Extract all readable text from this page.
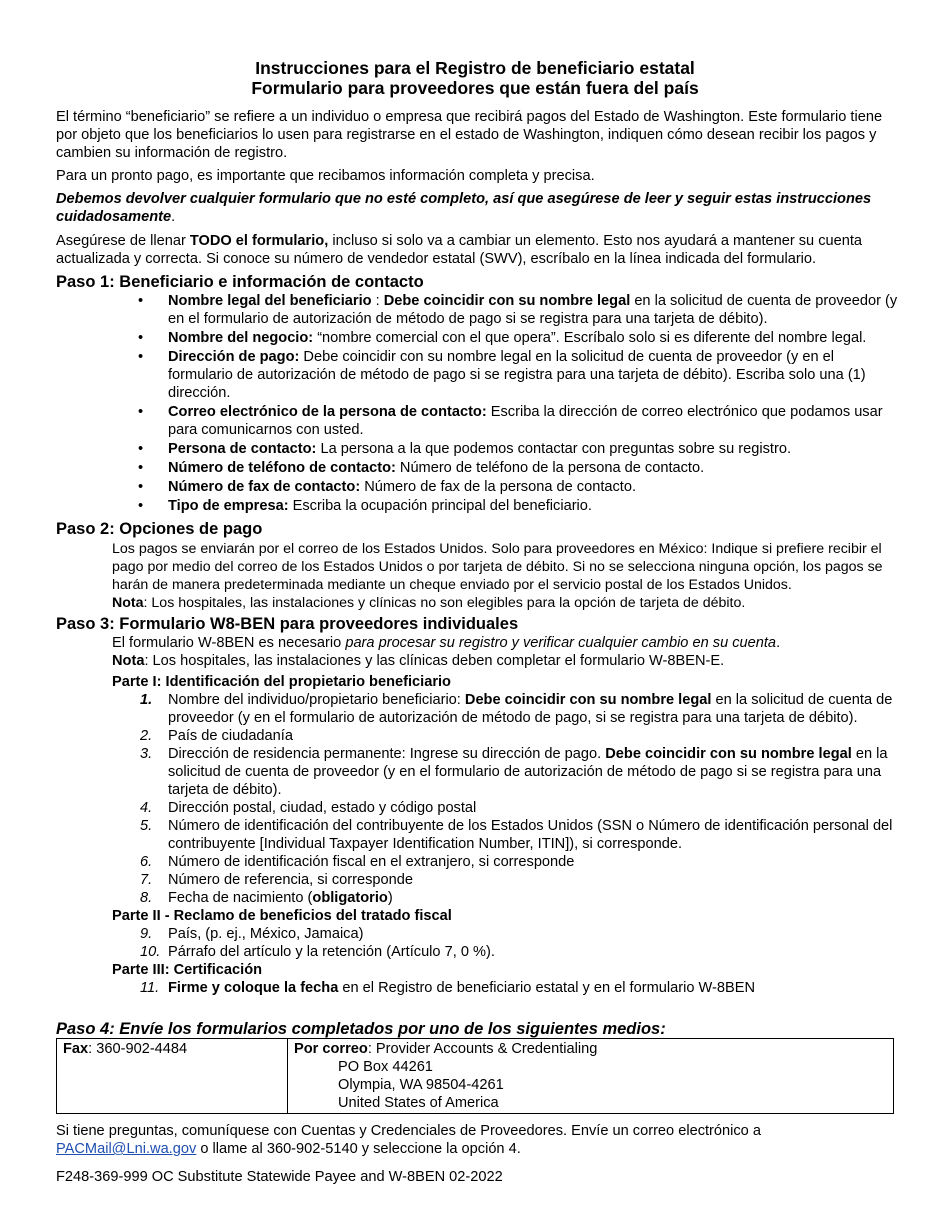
Instrucciones para el Registro de beneficiario estatal
Formulario para proveedores que están fuera del país
El término “beneficiario” se refiere a un individuo o empresa que recibirá pagos del Estado de Washington. Este formulario tiene por objeto que los beneficiarios lo usen para registrarse en el estado de Washington, indiquen cómo desean recibir los pagos y cambien su información de registro.
Para un pronto pago, es importante que recibamos información completa y precisa.
Debemos devolver cualquier formulario que no esté completo, así que asegúrese de leer y seguir estas instrucciones cuidadosamente.
Asegúrese de llenar TODO el formulario, incluso si solo va a cambiar un elemento. Esto nos ayudará a mantener su cuenta actualizada y correcta. Si conoce su número de vendedor estatal (SWV), escríbalo en la línea indicada del formulario.
Paso 1: Beneficiario e información de contacto
• Nombre legal del beneficiario : Debe coincidir con su nombre legal en la solicitud de cuenta de proveedor (y en el formulario de autorización de método de pago si se registra para una tarjeta de débito).
• Nombre del negocio: “nombre comercial con el que opera”. Escríbalo solo si es diferente del nombre legal.
• Dirección de pago: Debe coincidir con su nombre legal en la solicitud de cuenta de proveedor (y en el formulario de autorización de método de pago si se registra para una tarjeta de débito). Escriba solo una (1) dirección.
• Correo electrónico de la persona de contacto: Escriba la dirección de correo electrónico que podamos usar para comunicarnos con usted.
• Persona de contacto: La persona a la que podemos contactar con preguntas sobre su registro.
• Número de teléfono de contacto: Número de teléfono de la persona de contacto.
• Número de fax de contacto: Número de fax de la persona de contacto.
• Tipo de empresa: Escriba la ocupación principal del beneficiario.
Paso 2: Opciones de pago
Los pagos se enviarán por el correo de los Estados Unidos. Solo para proveedores en México: Indique si prefiere recibir el pago por medio del correo de los Estados Unidos o por tarjeta de débito. Si no se selecciona ninguna opción, los pagos se harán de manera predeterminada mediante un cheque enviado por el servicio postal de los Estados Unidos.
Nota: Los hospitales, las instalaciones y clínicas no son elegibles para la opción de tarjeta de débito.
Paso 3: Formulario W8-BEN para proveedores individuales
El formulario W-8BEN es necesario para procesar su registro y verificar cualquier cambio en su cuenta.
Nota: Los hospitales, las instalaciones y las clínicas deben completar el formulario W-8BEN-E.
Parte I: Identificación del propietario beneficiario
1. Nombre del individuo/propietario beneficiario: Debe coincidir con su nombre legal en la solicitud de cuenta de proveedor (y en el formulario de autorización de método de pago, si se registra para una tarjeta de débito).
2. País de ciudadanía
3. Dirección de residencia permanente: Ingrese su dirección de pago. Debe coincidir con su nombre legal en la solicitud de cuenta de proveedor (y en el formulario de autorización de método de pago si se registra para una tarjeta de débito).
4. Dirección postal, ciudad, estado y código postal
5. Número de identificación del contribuyente de los Estados Unidos (SSN o Número de identificación personal del contribuyente [Individual Taxpayer Identification Number, ITIN]), si corresponde.
6. Número de identificación fiscal en el extranjero, si corresponde
7. Número de referencia, si corresponde
8. Fecha de nacimiento (obligatorio)
Parte II - Reclamo de beneficios del tratado fiscal
9. País, (p. ej., México, Jamaica)
10. Párrafo del artículo y la retención (Artículo 7, 0 %).
Parte III: Certificación
11. Firme y coloque la fecha en el Registro de beneficiario estatal y en el formulario W-8BEN
Paso 4: Envíe los formularios completados por uno de los siguientes medios:
Fax: 360-902-4484	Por correo: Provider Accounts & Credentialing
PO Box 44261
Olympia, WA 98504-4261
United States of America
Si tiene preguntas, comuníquese con Cuentas y Credenciales de Proveedores. Envíe un correo electrónico a PACMail@Lni.wa.gov o llame al 360-902-5140 y seleccione la opción 4.
F248-369-999 OC Substitute Statewide Payee and W-8BEN 02-2022
